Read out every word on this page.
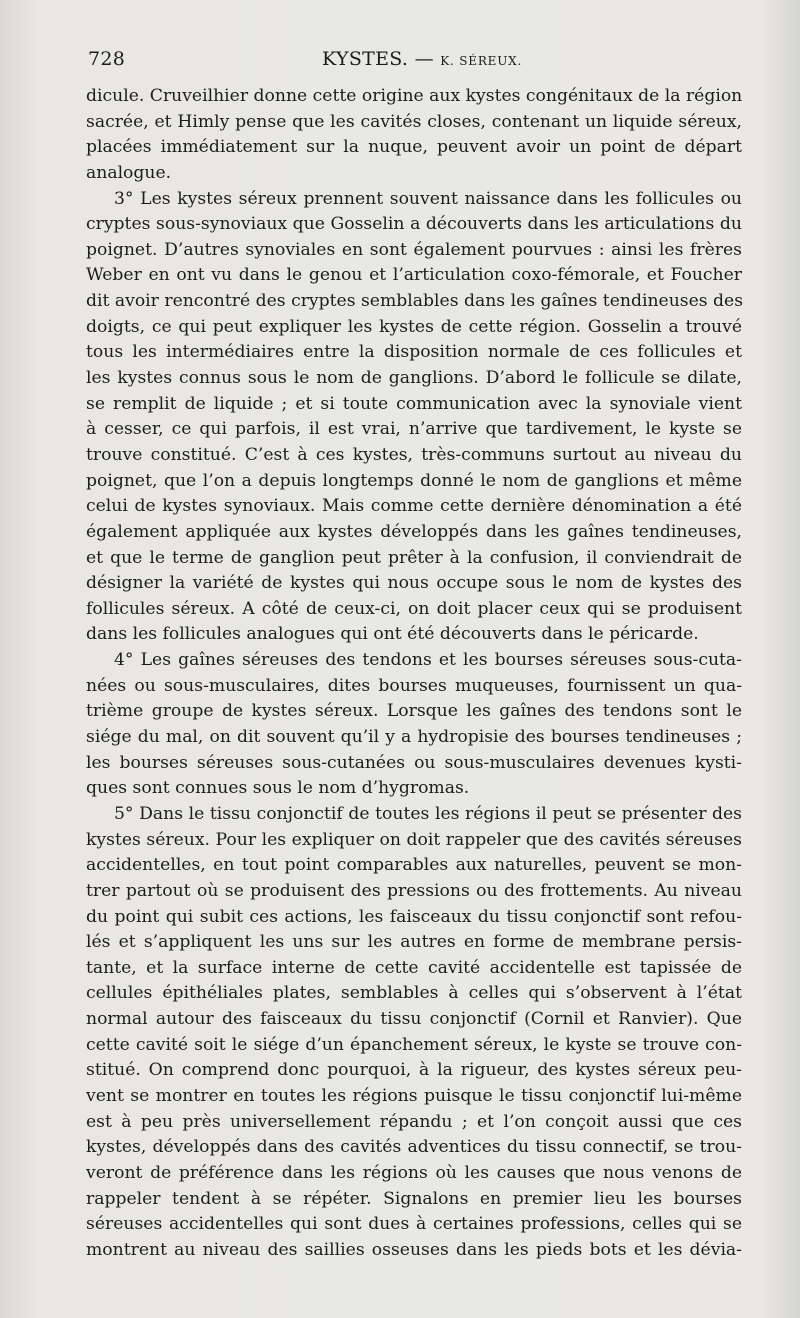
728	KYSTES. — K. SÉREUX.
dicule. Cruveilhier donne cette origine aux kystes congénitaux de la région
sacrée, et Himly pense que les cavités closes, contenant un liquide séreux,
placées immédiatement sur la nuque, peuvent avoir un point de départ
analogue.
3° Les kystes séreux prennent souvent naissance dans les follicules ou
cryptes sous-synoviaux que Gosselin a découverts dans les articulations du
poignet. D’autres synoviales en sont également pourvues : ainsi les frères
Weber en ont vu dans le genou et l’articulation coxo-fémorale, et Foucher
dit avoir rencontré des cryptes semblables dans les gaînes tendineuses des
doigts, ce qui peut expliquer les kystes de cette région. Gosselin a trouvé
tous les intermédiaires entre la disposition normale de ces follicules et
les kystes connus sous le nom de ganglions. D’abord le follicule se dilate,
se remplit de liquide ; et si toute communication avec la synoviale vient
à cesser, ce qui parfois, il est vrai, n’arrive que tardivement, le kyste se
trouve constitué. C’est à ces kystes, très-communs surtout au niveau du
poignet, que l’on a depuis longtemps donné le nom de ganglions et même
celui de kystes synoviaux. Mais comme cette dernière dénomination a été
également appliquée aux kystes développés dans les gaînes tendineuses,
et que le terme de ganglion peut prêter à la confusion, il conviendrait de
désigner la variété de kystes qui nous occupe sous le nom de kystes des
follicules séreux. A côté de ceux-ci, on doit placer ceux qui se produisent
dans les follicules analogues qui ont été découverts dans le péricarde.
4° Les gaînes séreuses des tendons et les bourses séreuses sous-cuta-
nées ou sous-musculaires, dites bourses muqueuses, fournissent un qua-
trième groupe de kystes séreux. Lorsque les gaînes des tendons sont le
siége du mal, on dit souvent qu’il y a hydropisie des bourses tendineuses ;
les bourses séreuses sous-cutanées ou sous-musculaires devenues kysti-
ques sont connues sous le nom d’hygromas.
5° Dans le tissu conjonctif de toutes les régions il peut se présenter des
kystes séreux. Pour les expliquer on doit rappeler que des cavités séreuses
accidentelles, en tout point comparables aux naturelles, peuvent se mon-
trer partout où se produisent des pressions ou des frottements. Au niveau
du point qui subit ces actions, les faisceaux du tissu conjonctif sont refou-
lés et s’appliquent les uns sur les autres en forme de membrane persis-
tante, et la surface interne de cette cavité accidentelle est tapissée de
cellules épithéliales plates, semblables à celles qui s’observent à l’état
normal autour des faisceaux du tissu conjonctif (Cornil et Ranvier). Que
cette cavité soit le siége d’un épanchement séreux, le kyste se trouve con-
stitué. On comprend donc pourquoi, à la rigueur, des kystes séreux peu-
vent se montrer en toutes les régions puisque le tissu conjonctif lui-même
est à peu près universellement répandu ; et l’on conçoit aussi que ces
kystes, développés dans des cavités adventices du tissu connectif, se trou-
veront de préférence dans les régions où les causes que nous venons de
rappeler tendent à se répéter. Signalons en premier lieu les bourses
séreuses accidentelles qui sont dues à certaines professions, celles qui se
montrent au niveau des saillies osseuses dans les pieds bots et les dévia-
